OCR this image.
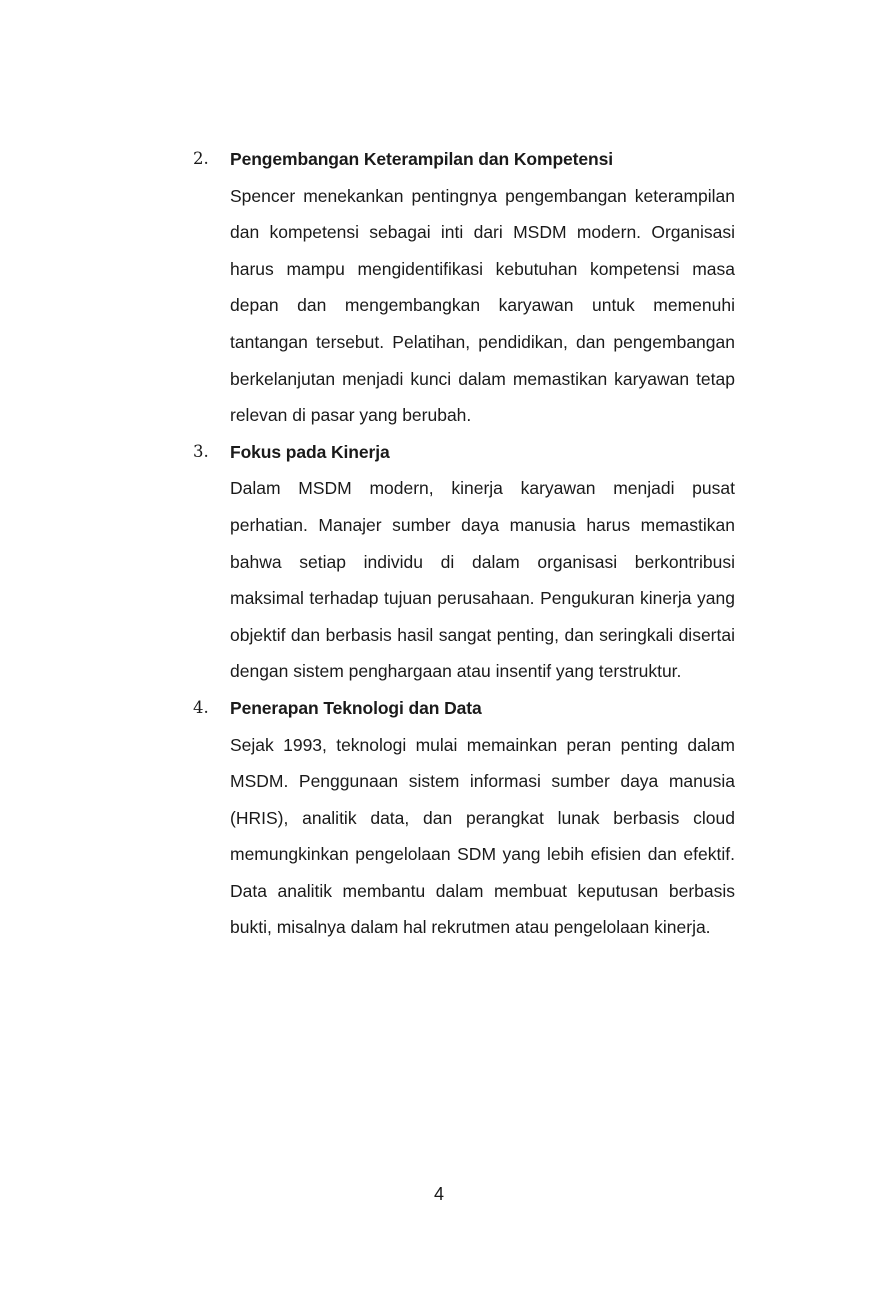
2. Pengembangan Keterampilan dan Kompetensi

Spencer menekankan pentingnya pengembangan keterampilan dan kompetensi sebagai inti dari MSDM modern. Organisasi harus mampu mengidentifikasi kebutuhan kompetensi masa depan dan mengembangkan karyawan untuk memenuhi tantangan tersebut. Pelatihan, pendidikan, dan pengembangan berkelanjutan menjadi kunci dalam memastikan karyawan tetap relevan di pasar yang berubah.

3. Fokus pada Kinerja

Dalam MSDM modern, kinerja karyawan menjadi pusat perhatian. Manajer sumber daya manusia harus memastikan bahwa setiap individu di dalam organisasi berkontribusi maksimal terhadap tujuan perusahaan. Pengukuran kinerja yang objektif dan berbasis hasil sangat penting, dan seringkali disertai dengan sistem penghargaan atau insentif yang terstruktur.

4. Penerapan Teknologi dan Data

Sejak 1993, teknologi mulai memainkan peran penting dalam MSDM. Penggunaan sistem informasi sumber daya manusia (HRIS), analitik data, dan perangkat lunak berbasis cloud memungkinkan pengelolaan SDM yang lebih efisien dan efektif. Data analitik membantu dalam membuat keputusan berbasis bukti, misalnya dalam hal rekrutmen atau pengelolaan kinerja.

4
